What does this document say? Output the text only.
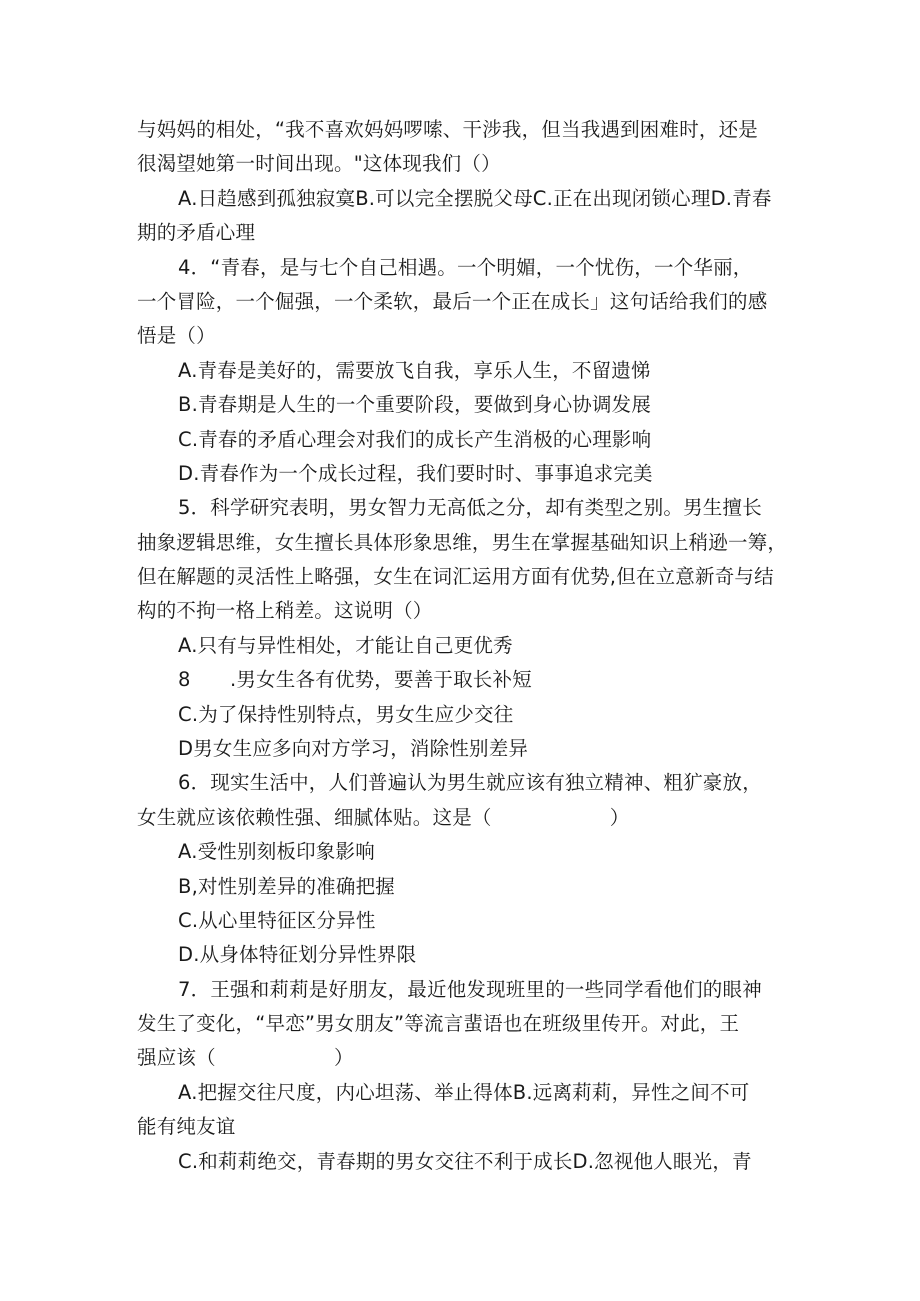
与妈妈的相处，“我不喜欢妈妈啰嗦、干涉我，但当我遇到困难时，还是
很渴望她第一时间出现。"这体现我们（）
A.日趋感到孤独寂寞B.可以完全摆脱父母C.正在出现闭锁心理D.青春
期的矛盾心理
4．“青春，是与七个自己相遇。一个明媚，一个忧伤，一个华丽，
一个冒险，一个倔强，一个柔软，最后一个正在成长」这句话给我们的感
悟是（）
A.青春是美好的，需要放飞自我，享乐人生，不留遗悌
B.青春期是人生的一个重要阶段，要做到身心协调发展
C.青春的矛盾心理会对我们的成长产生消极的心理影响
D.青春作为一个成长过程，我们要时时、事事追求完美
5．科学研究表明，男女智力无高低之分，却有类型之别。男生擅长
抽象逻辑思维，女生擅长具体形象思维，男生在掌握基础知识上稍逊一筹，
但在解题的灵活性上略强，女生在词汇运用方面有优势,但在立意新奇与结
构的不拘一格上稍差。这说明（）
A.只有与异性相处，才能让自己更优秀
8　　.男女生各有优势，要善于取长补短
C.为了保持性别特点，男女生应少交往
D男女生应多向对方学习，消除性别差异
6．现实生活中，人们普遍认为男生就应该有独立精神、粗犷豪放，
女生就应该依赖性强、细腻体贴。这是（　　　　　　）
A.受性别刻板印象影响
B,对性别差异的准确把握
C.从心里特征区分异性
D.从身体特征划分异性界限
7．王强和莉莉是好朋友，最近他发现班里的一些同学看他们的眼神
发生了变化，“早恋”男女朋友”等流言蜚语也在班级里传开。对此，王
强应该（　　　　　　）
A.把握交往尺度，内心坦荡、举止得体B.远离莉莉，异性之间不可
能有纯友谊
C.和莉莉绝交，青春期的男女交往不利于成长D.忽视他人眼光，青
